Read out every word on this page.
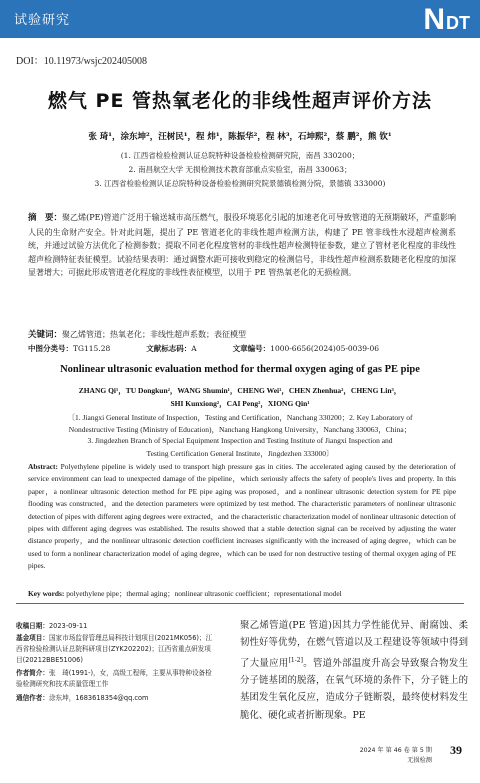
试验研究	N DT
DOI：10.11973/wsjc202405008
燃气 PE 管热氧老化的非线性超声评价方法
张 琦¹，涂东坤²，汪树民¹，程 炜¹，陈振华²，程 林³，石坤熙²，蔡 鹏²，熊 钦¹
(1. 江西省检验检测认证总院特种设备检验检测研究院，南昌 330200；
2. 南昌航空大学 无损检测技术教育部重点实验室，南昌 330063；
3. 江西省检验检测认证总院特种设备检验检测研究院景德镇检测分院，景德镇 333000)
摘　要：聚乙烯(PE)管道广泛用于输送城市高压燃气，服役环境恶化引起的加速老化可导致管道的无预期破坏，严重影响人民的生命财产安全。针对此问题，提出了 PE 管道老化的非线性超声检测方法，构建了 PE 管非线性水浸超声检测系统，并通过试验方法优化了检测参数；提取不同老化程度管材的非线性超声检测特征参数，建立了管材老化程度的非线性超声检测特征表征模型。试验结果表明：通过调整水距可接收到稳定的检测信号，非线性超声检测系数随老化程度的加深显著增大；可据此形成管道老化程度的非线性表征模型，以用于 PE 管热氧老化的无损检测。
关键词：聚乙烯管道；热氧老化；非线性超声系数；表征模型
中图分类号：TG115.28	文献标志码：A	文章编号：1000-6656(2024)05-0039-06
Nonlinear ultrasonic evaluation method for thermal oxygen aging of gas PE pipe
ZHANG Qi¹，TU Dongkun²，WANG Shumin¹，CHENG Wei¹，CHEN Zhenhua²，CHENG Lin³，
SHI Kunxiong²，CAI Peng²，XIONG Qin¹
〔1. Jiangxi General Institute of Inspection，Testing and Certification，Nanchang 330200；2. Key Laboratory of
Nondestructive Testing (Ministry of Education)，Nanchang Hangkong University，Nanchang 330063，China；
3. Jingdezhen Branch of Special Equipment Inspection and Testing Institute of Jiangxi Inspection and
Testing Certification General Institute，Jingdezhen 333000〕
Abstract: Polyethylene pipeline is widely used to transport high pressure gas in cities. The accelerated aging caused by the deterioration of service environment can lead to unexpected damage of the pipeline，which seriously affects the safety of people's lives and property. In this paper，a nonlinear ultrasonic detection method for PE pipe aging was proposed，and a nonlinear ultrasonic detection system for PE pipe flooding was constructed，and the detection parameters were optimized by test method. The characteristic parameters of nonlinear ultrasonic detection of pipes with different aging degrees were extracted，and the characteristic characterization model of nonlinear ultrasonic detection of pipes with different aging degrees was established. The results showed that a stable detection signal can be received by adjusting the water distance properly，and the nonlinear ultrasonic detection coefficient increases significantly with the increased of aging degree，which can be used to form a nonlinear characterization model of aging degree，which can be used for non destructive testing of thermal oxygen aging of PE pipes.
Key words: polyethylene pipe；thermal aging；nonlinear ultrasonic coefficient；representational model
收稿日期：2023-09-11
基金项目：国家市场监督管理总局科技计划项目(2021MK056)；江西省检验检测认证总院科研项目(ZYK202202)；江西省重点研发项目(20212BBE51006)
作者简介：张　琦(1991-)，女，高级工程师，主要从事特种设备检验检测研究和技术质量管理工作
通信作者：涂东坤，1683618354@qq.com
聚乙烯管道(PE 管道)因其力学性能优异、耐腐蚀、柔韧性好等优势，在燃气管道以及工程建设等领域中得到了大量应用[1-2]。管道外部温度升高会导致聚合物发生分子链基团的脱落，在氧气环境的条件下，分子链上的基团发生氧化反应，造成分子链断裂，最终使材料发生脆化、硬化或者折断现象。PE
2024 年 第 46 卷 第 5 期
无损检测
39
